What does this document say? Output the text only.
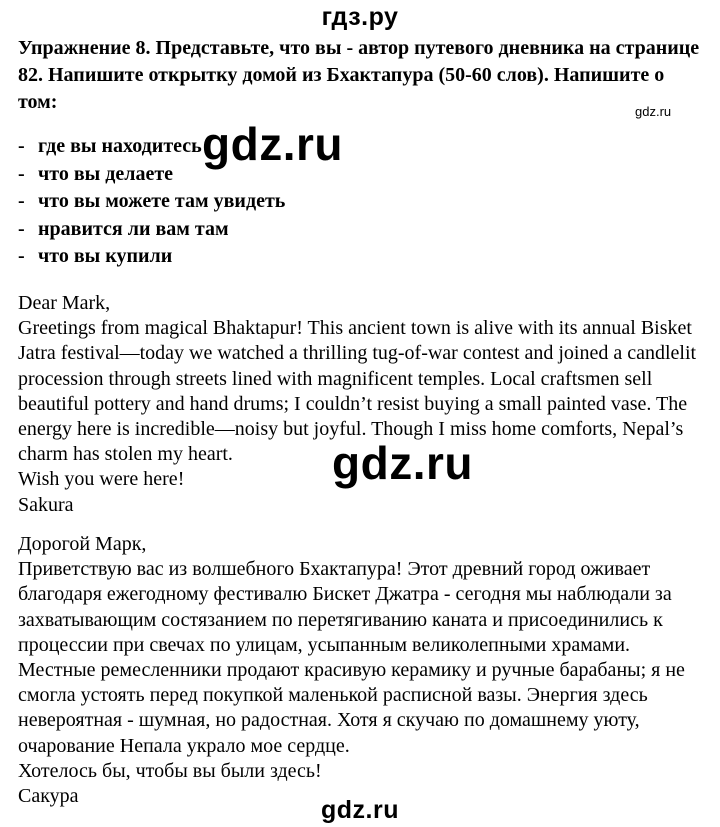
гдз.ру

Упражнение 8. Представьте, что вы - автор путевого дневника на странице 82. Напишите открытку домой из Бхактапура (50-60 слов). Напишите о том:	gdz.ru
- где вы находитесь
- что вы делаете
- что вы можете там увидеть
- нравится ли вам там
- что вы купили
gdz.ru
Dear Mark,
Greetings from magical Bhaktapur! This ancient town is alive with its annual Bisket
Jatra festival—today we watched a thrilling tug-of-war contest and joined a candlelit
procession through streets lined with magnificent temples. Local craftsmen sell
beautiful pottery and hand drums; I couldn’t resist buying a small painted vase. The
energy here is incredible—noisy but joyful. Though I miss home comforts, Nepal’s
charm has stolen my heart.
Wish you were here!
Sakura
gdz.ru
Дорогой Марк,
Приветствую вас из волшебного Бхактапура! Этот древний город оживает
благодаря ежегодному фестивалю Бискет Джатра - сегодня мы наблюдали за
захватывающим состязанием по перетягиванию каната и присоединились к
процессии при свечах по улицам, усыпанным великолепными храмами.
Местные ремесленники продают красивую керамику и ручные барабаны; я не
смогла устоять перед покупкой маленькой расписной вазы. Энергия здесь
невероятная - шумная, но радостная. Хотя я скучаю по домашнему уюту,
очарование Непала украло мое сердце.
Хотелось бы, чтобы вы были здесь!
Сакура	gdz.ru
